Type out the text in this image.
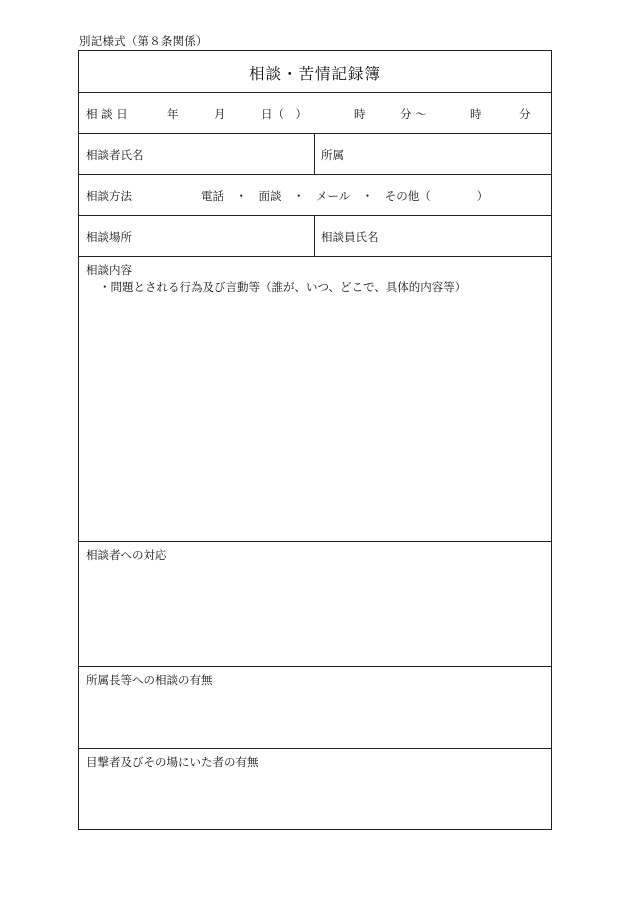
別記様式（第８条関係）
相談・苦情記録簿
相 談 日	年	月	日（　）	時	分 ～	時	分
相談者氏名	所属
相談方法	電話　・　面談　・　メール　・　その他（　　　　）
相談場所	相談員氏名
相談内容
・問題とされる行為及び言動等（誰が、いつ、どこで、具体的内容等）
相談者への対応
所属長等への相談の有無
目撃者及びその場にいた者の有無
